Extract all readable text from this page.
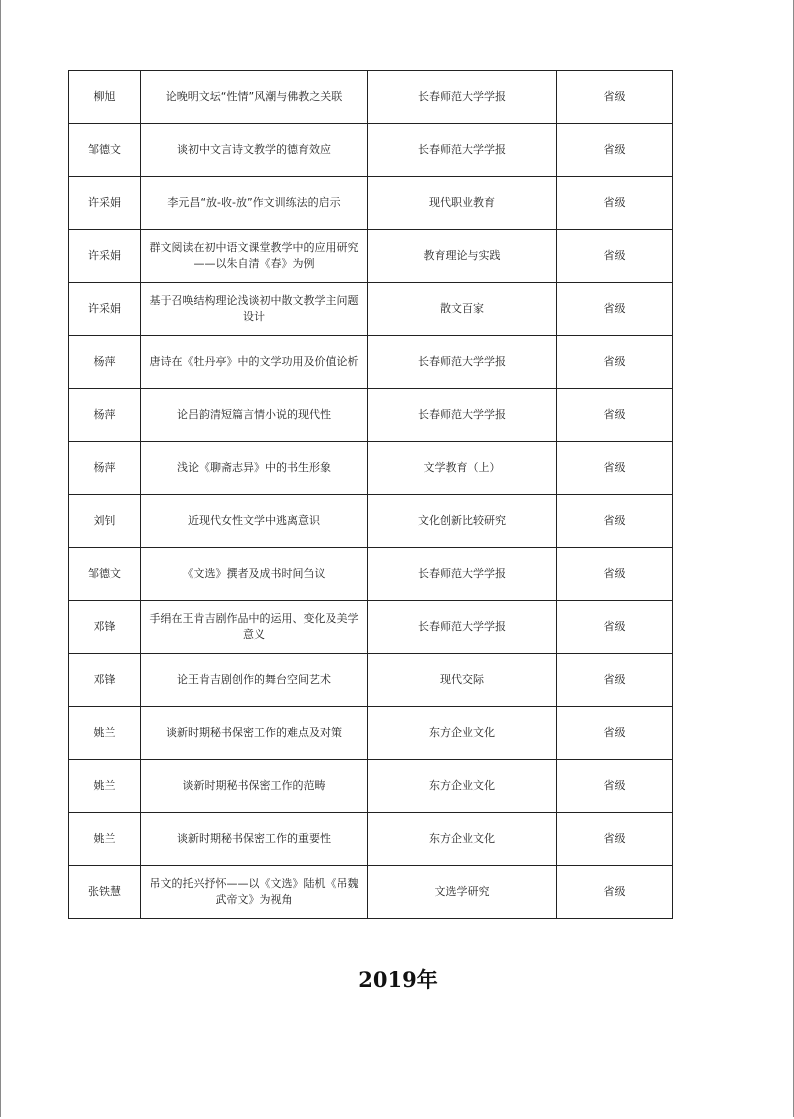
柳旭	论晚明文坛“性情”风潮与佛教之关联	长春师范大学学报	省级
邹德文	谈初中文言诗文教学的德育效应	长春师范大学学报	省级
许采娟	李元昌“放-收-放”作文训练法的启示	现代职业教育	省级
许采娟	群文阅读在初中语文课堂教学中的应用研究——以朱自清《春》为例	教育理论与实践	省级
许采娟	基于召唤结构理论浅谈初中散文教学主问题设计	散文百家	省级
杨萍	唐诗在《牡丹亭》中的文学功用及价值论析	长春师范大学学报	省级
杨萍	论吕韵清短篇言情小说的现代性	长春师范大学学报	省级
杨萍	浅论《聊斋志异》中的书生形象	文学教育（上）	省级
刘钊	近现代女性文学中逃离意识	文化创新比较研究	省级
邹德文	《文选》撰者及成书时间刍议	长春师范大学学报	省级
邓锋	手绢在王肯吉剧作品中的运用、变化及美学意义	长春师范大学学报	省级
邓锋	论王肯吉剧创作的舞台空间艺术	现代交际	省级
姚兰	谈新时期秘书保密工作的难点及对策	东方企业文化	省级
姚兰	谈新时期秘书保密工作的范畴	东方企业文化	省级
姚兰	谈新时期秘书保密工作的重要性	东方企业文化	省级
张铁慧	吊文的托兴抒怀——以《文选》陆机《吊魏武帝文》为视角	文选学研究	省级
2019年
